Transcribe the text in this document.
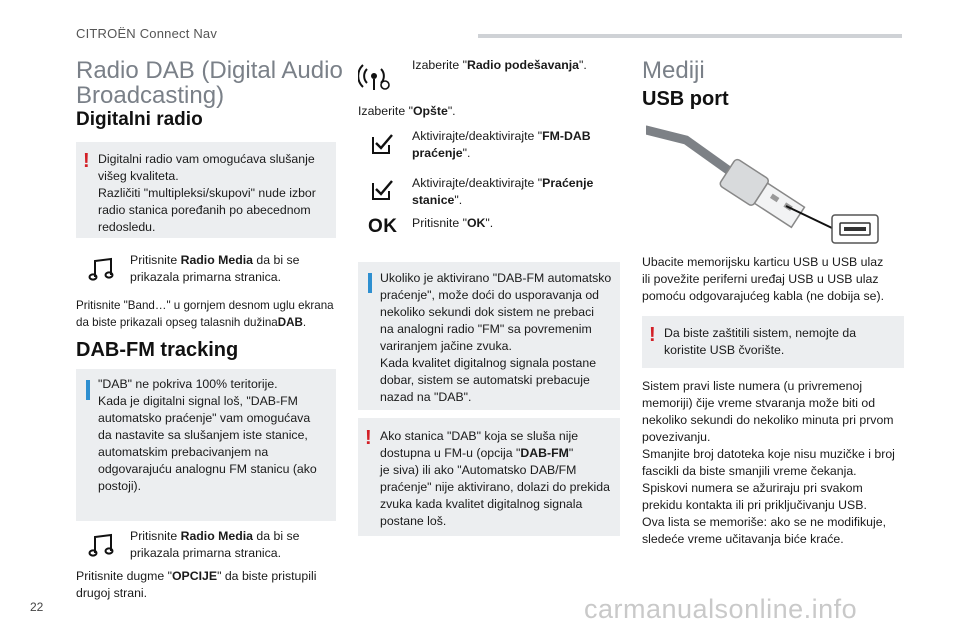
CITROËN Connect Nav
Radio DAB (Digital Audio
Broadcasting)
Digitalni radio
! Digitalni radio vam omogućava slušanje
višeg kvaliteta.
Različiti "multipleksi/skupovi" nude izbor
radio stanica poređanih po abecednom
redosledu.
Pritisnite Radio Media da bi se
prikazala primarna stranica.
Pritisnite "Band…" u gornjem desnom uglu ekrana
da biste prikazali opseg talasnih dužinaDAB.
DAB-FM tracking
"DAB" ne pokriva 100% teritorije.
Kada je digitalni signal loš, "DAB-FM
automatsko praćenje" vam omogućava
da nastavite sa slušanjem iste stanice,
automatskim prebacivanjem na
odgovarajuću analognu FM stanicu (ako
postoji).
Pritisnite Radio Media da bi se
prikazala primarna stranica.
Pritisnite dugme "OPCIJE" da biste pristupili
drugoj strani.
Izaberite "Radio podešavanja".
Izaberite "Opšte".
Aktivirajte/deaktivirajte "FM-DAB
praćenje".
Aktivirajte/deaktivirajte "Praćenje
stanice".
OK Pritisnite "OK".
Ukoliko je aktivirano "DAB-FM automatsko
praćenje", može doći do usporavanja od
nekoliko sekundi dok sistem ne prebaci
na analogni radio "FM" sa povremenim
variranjem jačine zvuka.
Kada kvalitet digitalnog signala postane
dobar, sistem se automatski prebacuje
nazad na "DAB".
! Ako stanica "DAB" koja se sluša nije
dostupna u FM-u (opcija "DAB-FM"
je siva) ili ako "Automatsko DAB/FM
praćenje" nije aktivirano, dolazi do prekida
zvuka kada kvalitet digitalnog signala
postane loš.
Mediji
USB port
Ubacite memorijsku karticu USB u USB ulaz
ili povežite periferni uređaj USB u USB ulaz
pomoću odgovarajućeg kabla (ne dobija se).
! Da biste zaštitili sistem, nemojte da
koristite USB čvorište.
Sistem pravi liste numera (u privremenoj
memoriji) čije vreme stvaranja može biti od
nekoliko sekundi do nekoliko minuta pri prvom
povezivanju.
Smanjite broj datoteka koje nisu muzičke i broj
fascikli da biste smanjili vreme čekanja.
Spiskovi numera se ažuriraju pri svakom
prekidu kontakta ili pri priključivanju USB.
Ova lista se memoriše: ako se ne modifikuje,
sledeće vreme učitavanja biće kraće.
22	carmanualsonline.info
